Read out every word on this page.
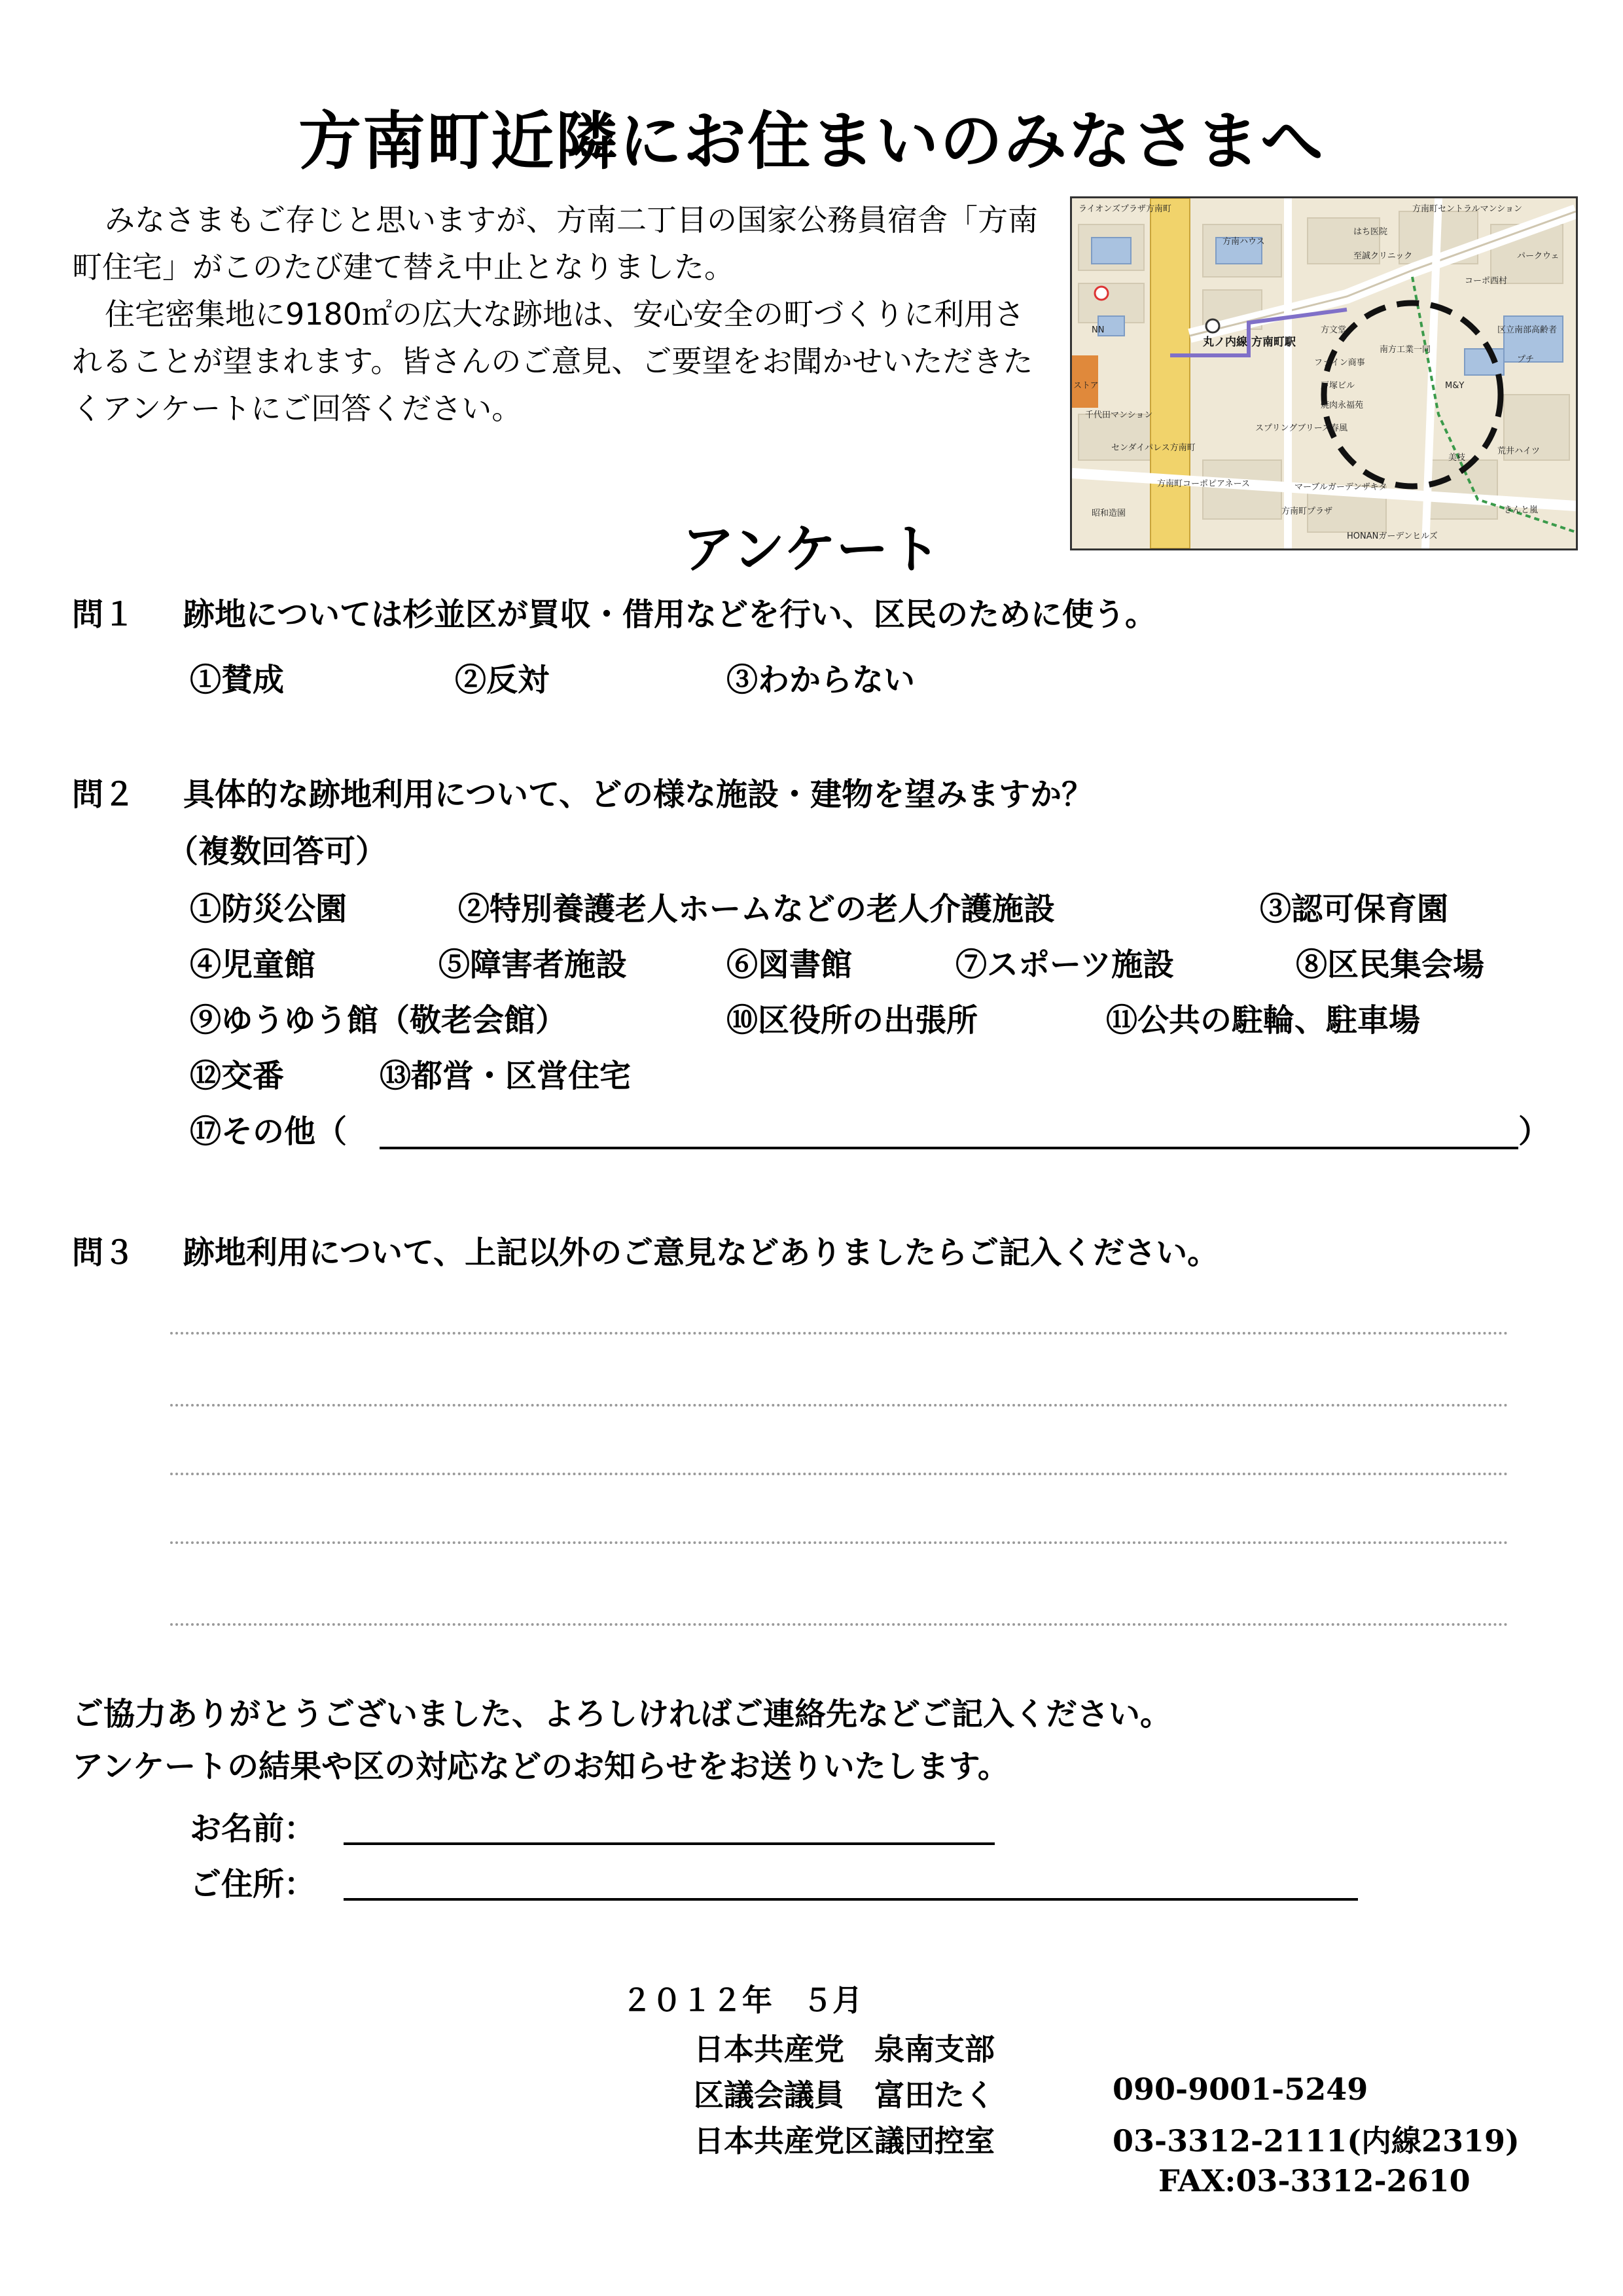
方南町近隣にお住まいのみなさまへ

みなさまもご存じと思いますが、方南二丁目の国家公務員宿舎「方南町住宅」がこのたび建て替え中止となりました。

住宅密集地に9180㎡の広大な跡地は、安心安全の町づくりに利用されることが望まれます。皆さんのご意見、ご要望をお聞かせいただきたくアンケートにご回答ください。

ライオンズプラザ方南町	方南町セントラルマンション
はち医院
方南ハウス
至誠クリニック	パークウェ
コーポ西村
区立南部高齢者
プチ
NN
ストア
方文堂
南方工業一同
ファイン商事
戸塚ビル
焼肉永福苑
スプリングブリーズ春風
M&Y
美枝
荒井ハイツ
センダイパレス方南町
千代田マンション
方南町コーポピアネース	マーブルガーデンザキタ
昭和造園	方南町プラザ
HONANガーデンヒルズ
きんと嵐
丸ノ内線 方南町駅
アンケート
問１ 跡地については杉並区が買収・借用などを行い、区民のために使う。
①賛成	②反対	③わからない
問２ 具体的な跡地利用について、どの様な施設・建物を望みますか？
（複数回答可）
①防災公園	②特別養護老人ホームなどの老人介護施設	③認可保育園
④児童館	⑤障害者施設	⑥図書館	⑦スポーツ施設	⑧区民集会場
⑨ゆうゆう館（敬老会館）	⑩区役所の出張所	⑪公共の駐輪、駐車場
⑫交番	⑬都営・区営住宅
⑰その他（	）
問３ 跡地利用について、上記以外のご意見などありましたらご記入ください。
ご協力ありがとうございました、よろしければご連絡先などご記入ください。
アンケートの結果や区の対応などのお知らせをお送りいたします。
お名前：
ご住所：
２０１２年　５月
日本共産党　泉南支部
区議会議員　富田たく	090-9001-5249
日本共産党区議団控室	03-3312-2111(内線2319)
FAX:03-3312-2610
